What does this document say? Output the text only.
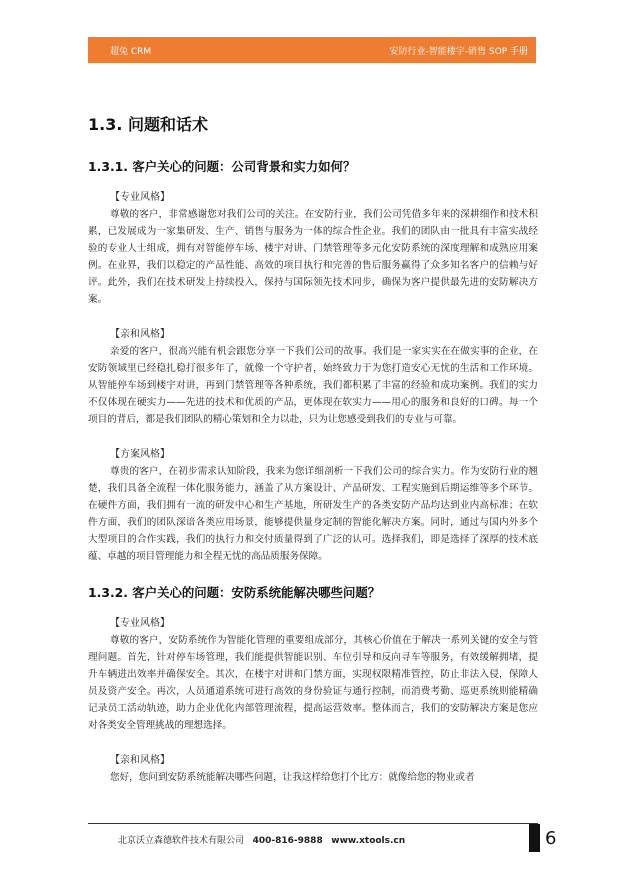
超兔 CRM	安防行业-智能楼宇-销售 SOP 手册
1.3. 问题和话术
1.3.1. 客户关心的问题：公司背景和实力如何？
【专业风格】

尊敬的客户，非常感谢您对我们公司的关注。在安防行业，我们公司凭借多年来的深耕细作和技术积累，已发展成为一家集研发、生产、销售与服务为一体的综合性企业。我们的团队由一批具有丰富实战经验的专业人士组成，拥有对智能停车场、楼宇对讲、门禁管理等多元化安防系统的深度理解和成熟应用案例。在业界，我们以稳定的产品性能、高效的项目执行和完善的售后服务赢得了众多知名客户的信赖与好评。此外，我们在技术研发上持续投入，保持与国际领先技术同步，确保为客户提供最先进的安防解决方案。

【亲和风格】

亲爱的客户，很高兴能有机会跟您分享一下我们公司的故事。我们是一家实实在在做实事的企业，在安防领域里已经稳扎稳打很多年了，就像一个守护者，始终致力于为您打造安心无忧的生活和工作环境。从智能停车场到楼宇对讲，再到门禁管理等各种系统，我们都积累了丰富的经验和成功案例。我们的实力不仅体现在硬实力——先进的技术和优质的产品，更体现在软实力——用心的服务和良好的口碑。每一个项目的背后，都是我们团队的精心策划和全力以赴，只为让您感受到我们的专业与可靠。

【方案风格】

尊贵的客户，在初步需求认知阶段，我来为您详细剖析一下我们公司的综合实力。作为安防行业的翘楚，我们具备全流程一体化服务能力，涵盖了从方案设计、产品研发、工程实施到后期运维等多个环节。在硬件方面，我们拥有一流的研发中心和生产基地，所研发生产的各类安防产品均达到业内高标准；在软件方面，我们的团队深谙各类应用场景，能够提供量身定制的智能化解决方案。同时，通过与国内外多个大型项目的合作实践，我们的执行力和交付质量得到了广泛的认可。选择我们，即是选择了深厚的技术底蕴、卓越的项目管理能力和全程无忧的高品质服务保障。

1.3.2. 客户关心的问题：安防系统能解决哪些问题？
【专业风格】

尊敬的客户，安防系统作为智能化管理的重要组成部分，其核心价值在于解决一系列关键的安全与管理问题。首先，针对停车场管理，我们能提供智能识别、车位引导和反向寻车等服务，有效缓解拥堵，提升车辆进出效率并确保安全。其次，在楼宇对讲和门禁方面，实现权限精准管控，防止非法入侵，保障人员及资产安全。再次，人员通道系统可进行高效的身份验证与通行控制，而消费考勤、巡更系统则能精确记录员工活动轨迹，助力企业优化内部管理流程，提高运营效率。整体而言，我们的安防解决方案是您应对各类安全管理挑战的理想选择。

【亲和风格】

您好，您问到安防系统能解决哪些问题，让我这样给您打个比方：就像给您的物业或者

北京沃立森德软件技术有限公司 400-816-9888 www.xtools.cn	6
